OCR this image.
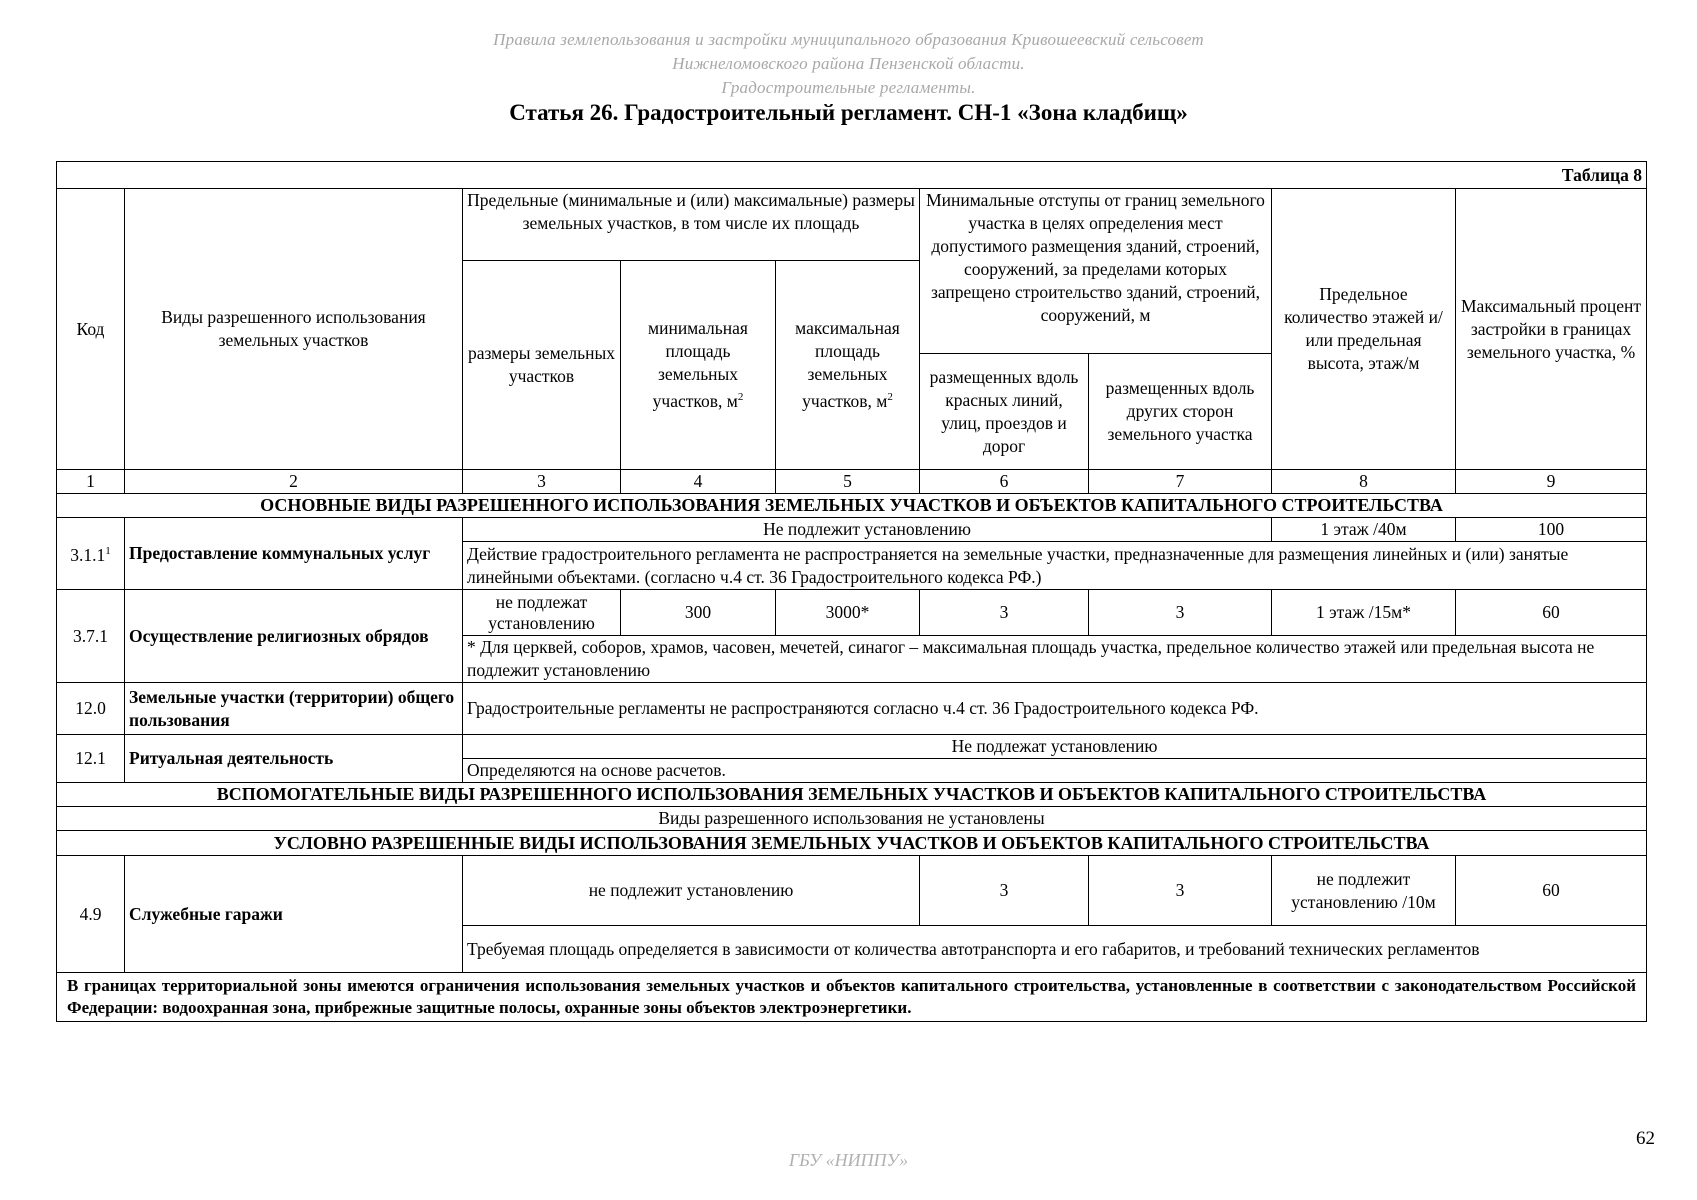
Правила землепользования и застройки муниципального образования Кривошеевский сельсовет
Нижнеломовского района Пензенской области.
Градостроительные регламенты.
Статья 26. Градостроительный регламент. СН-1 «Зона кладбищ»
Таблица 8								
Код	Виды разрешенного использования земельных участков	Предельные (минимальные и (или) максимальные) размеры земельных участков, в том числе их площадь			Минимальные отступы от границ земельного участка в целях определения мест допустимого размещения зданий, строений, сооружений, за пределами которых запрещено строительство зданий, строений, сооружений, м		Предельное количество этажей и/или предельная высота, этаж/м	Максимальный процент застройки в границах земельного участка, %
		размеры земельных участков	минимальная площадь земельных участков, $м^2$	максимальная площадь земельных участков, $м^2$
					размещенных вдоль красных линий, улиц, проездов и дорог	размещенных вдоль других сторон земельного участка		
1	2	3	4	5	6	7	8	9
ОСНОВНЫЕ ВИДЫ РАЗРЕШЕННОГО ИСПОЛЬЗОВАНИЯ ЗЕМЕЛЬНЫХ УЧАСТКОВ И ОБЪЕКТОВ КАПИТАЛЬНОГО СТРОИТЕЛЬСТВА								
3.1.1$^1$	Предоставление коммунальных услуг	Не подлежит установлению					1 этаж /40м	100
		Действие градостроительного регламента не распространяется на земельные участки, предназначенные для размещения линейных и (или) занятые линейными объектами. (согласно ч.4 ст. 36 Градостроительного кодекса РФ.)						
3.7.1	Осуществление религиозных обрядов	не подлежат установлению	300	3000*	3	3	1 этаж /15м*	60
		* Для церквей, соборов, храмов, часовен, мечетей, синагог – максимальная площадь участка, предельное количество этажей или предельная высота не подлежит установлению						
12.0	Земельные участки (территории) общего пользования	Градостроительные регламенты не распространяются согласно ч.4 ст. 36 Градостроительного кодекса РФ.						
12.1	Ритуальная деятельность	Не подлежат установлению						
		Определяются на основе расчетов.						
ВСПОМОГАТЕЛЬНЫЕ ВИДЫ РАЗРЕШЕННОГО ИСПОЛЬЗОВАНИЯ ЗЕМЕЛЬНЫХ УЧАСТКОВ И ОБЪЕКТОВ КАПИТАЛЬНОГО СТРОИТЕЛЬСТВА								
Виды разрешенного использования не установлены								
УСЛОВНО РАЗРЕШЕННЫЕ ВИДЫ ИСПОЛЬЗОВАНИЯ ЗЕМЕЛЬНЫХ УЧАСТКОВ И ОБЪЕКТОВ КАПИТАЛЬНОГО СТРОИТЕЛЬСТВА								
4.9	Служебные гаражи	не подлежит установлению			3	3	не подлежит установлению /10м	60
		Требуемая площадь определяется в зависимости от количества автотранспорта и его габаритов, и требований технических регламентов						
В границах территориальной зоны имеются ограничения использования земельных участков и объектов капитального строительства, установленные в соответствии с законодательством Российской Федерации: водоохранная зона, прибрежные защитные полосы, охранные зоны объектов электроэнергетики.								
62
ГБУ «НИППУ»
